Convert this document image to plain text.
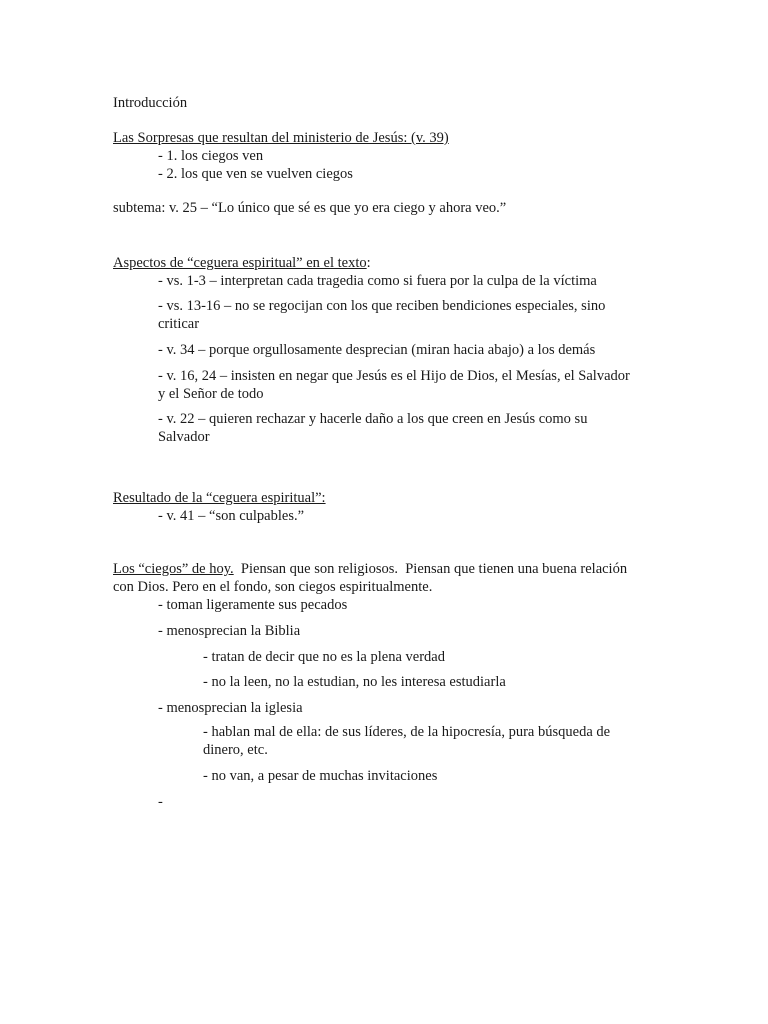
Introducción
Las Sorpresas que resultan del ministerio de Jesús: (v. 39)
- 1. los ciegos ven
- 2. los que ven se vuelven ciegos
subtema: v. 25 – “Lo único que sé es que yo era ciego y ahora veo.”
Aspectos de “ceguera espiritual” en el texto:
- vs. 1-3 – interpretan cada tragedia como si fuera por la culpa de la víctima
- vs. 13-16 – no se regocijan con los que reciben bendiciones especiales, sino
criticar
- v. 34 – porque orgullosamente desprecian (miran hacia abajo) a los demás
- v. 16, 24 – insisten en negar que Jesús es el Hijo de Dios, el Mesías, el Salvador
y el Señor de todo
- v. 22 – quieren rechazar y hacerle daño a los que creen en Jesús como su
Salvador
Resultado de la “ceguera espiritual”:
- v. 41 – “son culpables.”
Los “ciegos” de hoy.  Piensan que son religiosos.  Piensan que tienen una buena relación
con Dios. Pero en el fondo, son ciegos espiritualmente.
- toman ligeramente sus pecados
- menosprecian la Biblia
- tratan de decir que no es la plena verdad
- no la leen, no la estudian, no les interesa estudiarla
- menosprecian la iglesia
- hablan mal de ella: de sus líderes, de la hipocresía, pura búsqueda de
dinero, etc.
- no van, a pesar de muchas invitaciones
-
